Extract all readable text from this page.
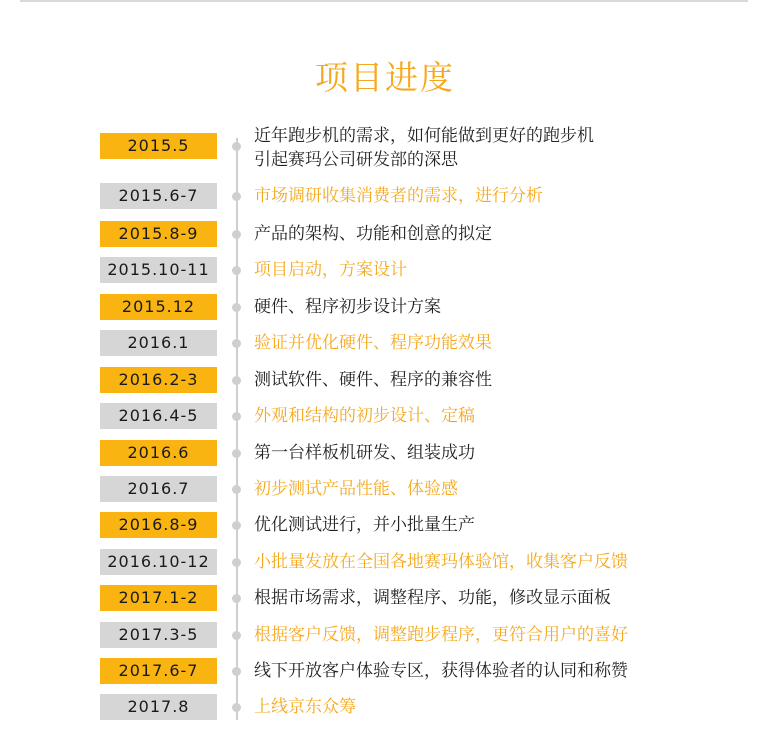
项目进度
2015.5	近年跑步机的需求，如何能做到更好的跑步机
引起赛玛公司研发部的深思
2015.6-7	市场调研收集消费者的需求，进行分析
2015.8-9	产品的架构、功能和创意的拟定
2015.10-11	项目启动，方案设计
2015.12	硬件、程序初步设计方案
2016.1	验证并优化硬件、程序功能效果
2016.2-3	测试软件、硬件、程序的兼容性
2016.4-5	外观和结构的初步设计、定稿
2016.6	第一台样板机研发、组装成功
2016.7	初步测试产品性能、体验感
2016.8-9	优化测试进行，并小批量生产
2016.10-12	小批量发放在全国各地赛玛体验馆，收集客户反馈
2017.1-2	根据市场需求，调整程序、功能，修改显示面板
2017.3-5	根据客户反馈，调整跑步程序，更符合用户的喜好
2017.6-7	线下开放客户体验专区，获得体验者的认同和称赞
2017.8	上线京东众筹
